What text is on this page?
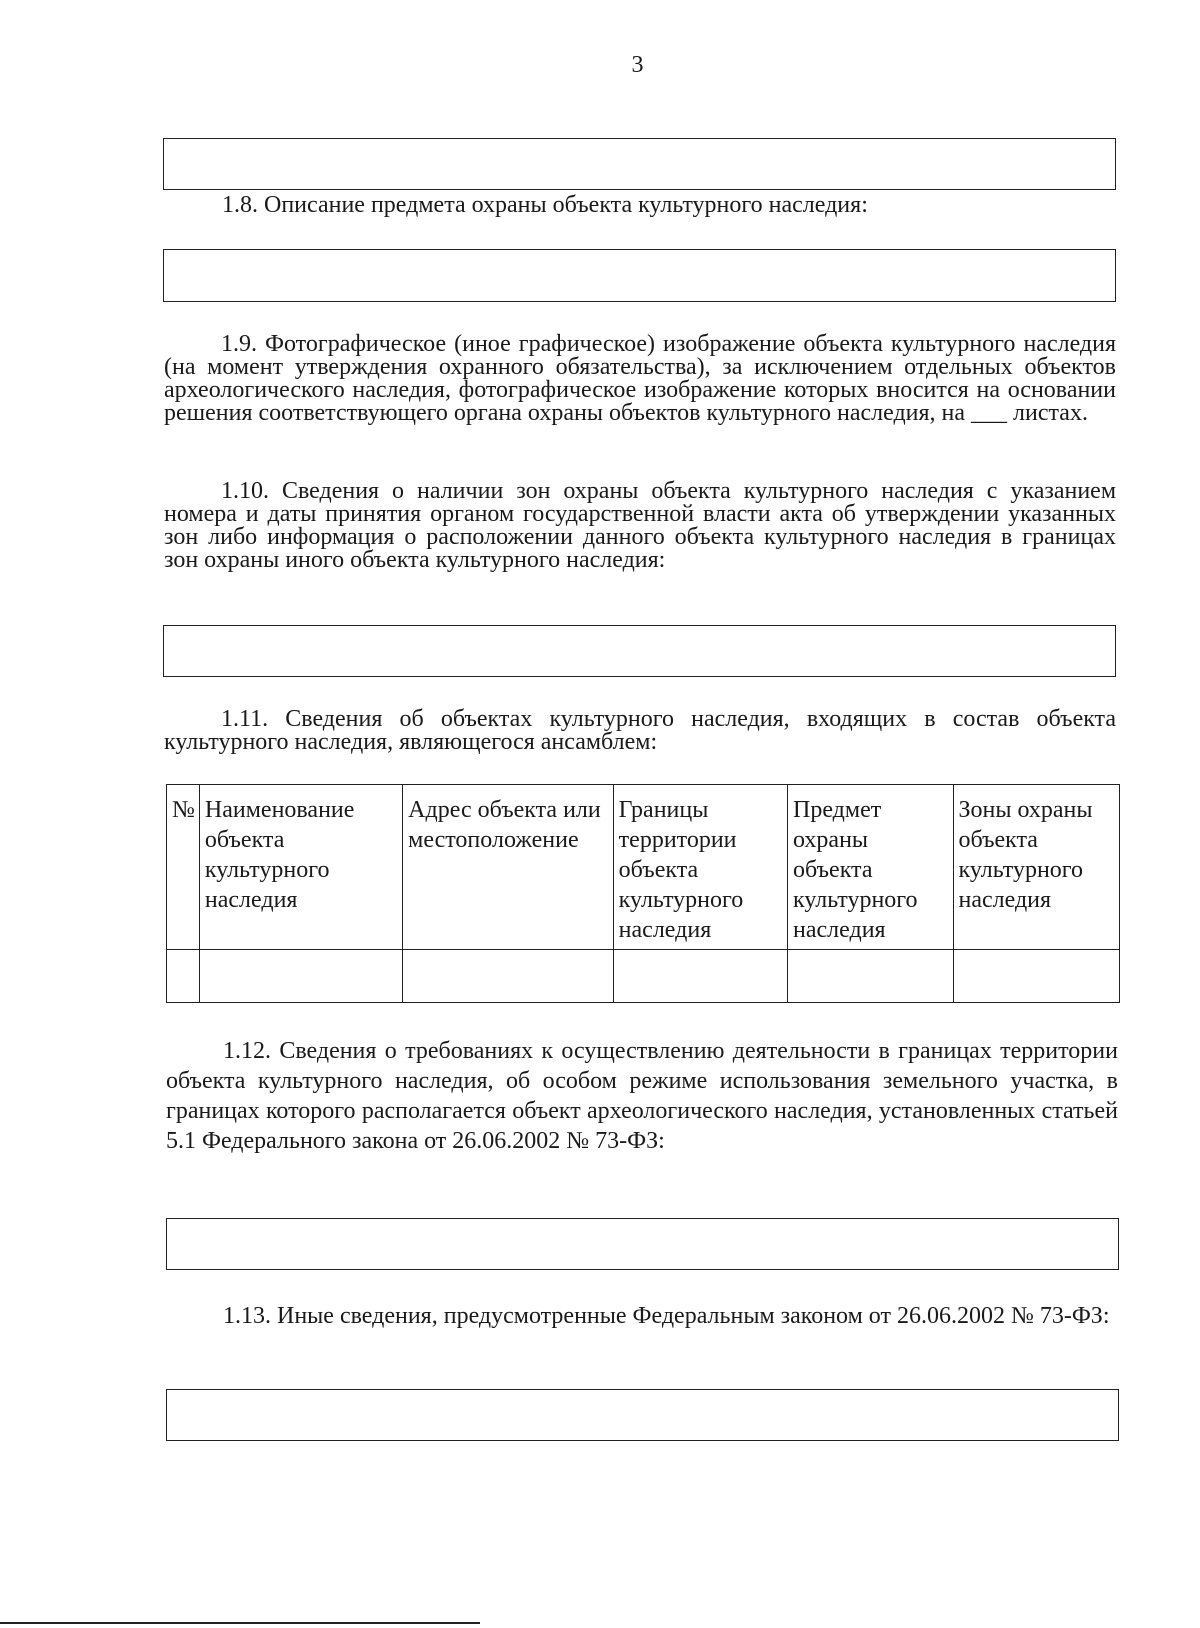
3
1.8. Описание предмета охраны объекта культурного наследия:
1.9. Фотографическое (иное графическое) изображение объекта культурного наследия (на момент утверждения охранного обязательства), за исключением отдельных объектов археологического наследия, фотографическое изображение которых вносится на основании решения соответствующего органа охраны объектов культурного наследия, на ___ листах.
1.10. Сведения о наличии зон охраны объекта культурного наследия с указанием номера и даты принятия органом государственной власти акта об утверждении указанных зон либо информация о расположении данного объекта культурного наследия в границах зон охраны иного объекта культурного наследия:
1.11. Сведения об объектах культурного наследия, входящих в состав объекта культурного наследия, являющегося ансамблем:
№	Наименование объекта культурного наследия	Адрес объекта или местоположение	Границы территории объекта культурного наследия	Предмет охраны объекта культурного наследия	Зоны охраны объекта культурного наследия

1.12. Сведения о требованиях к осуществлению деятельности в границах территории объекта культурного наследия, об особом режиме использования земельного участка, в границах которого располагается объект археологического наследия, установленных статьей 5.1 Федерального закона от 26.06.2002 № 73-ФЗ:
1.13. Иные сведения, предусмотренные Федеральным законом от 26.06.2002 № 73-ФЗ:
